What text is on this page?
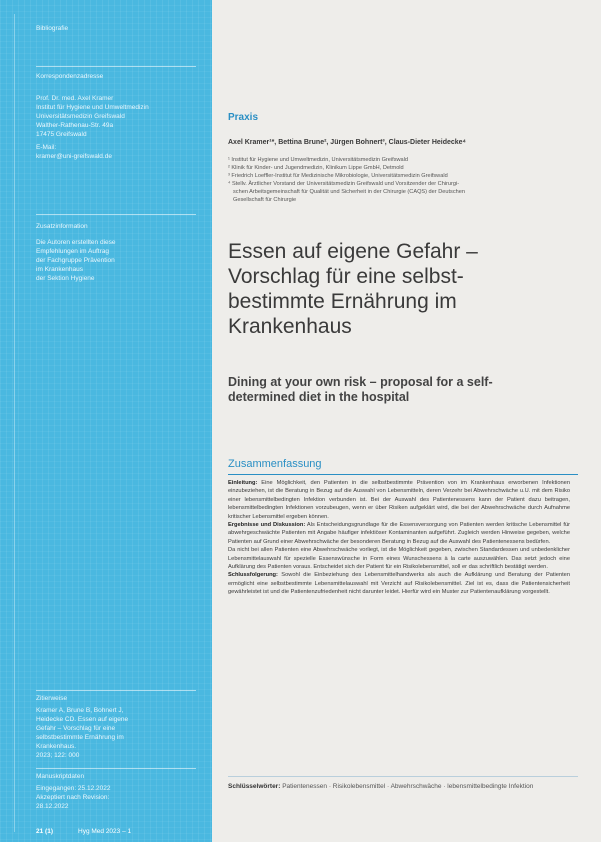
Bibliografie
Korrespondenzadresse
Prof. Dr. med. Axel Kramer
Institut für Hygiene und Umweltmedizin
Universitätsmedizin Greifswald
Walther-Rathenau-Str. 49a
17475 Greifswald
E-Mail:
kramer@uni-greifswald.de
Zusatzinformation
Die Autoren erstellten diese
Empfehlungen im Auftrag
der Fachgruppe Prävention
im Krankenhaus
der Sektion Hygiene
Zitierweise
Kramer A, Brune B, Bohnert J,
Heidecke CD. Essen auf eigene
Gefahr – Vorschlag für eine
selbstbestimmte Ernährung im
Krankenhaus.
2023; 122: 000
Manuskriptdaten
Eingegangen: 25.12.2022
Akzeptiert nach Revision:
28.12.2022
21 (1)	Hyg Med 2023 – 1
Praxis
Axel Kramer¹*, Bettina Brune², Jürgen Bohnert³, Claus-Dieter Heidecke⁴
¹ Institut für Hygiene und Umweltmedizin, Universitätsmedizin Greifswald
² Klinik für Kinder- und Jugendmedizin, Klinikum Lippe GmbH, Detmold
³ Friedrich Loeffler-Institut für Medizinische Mikrobiologie, Universitätsmedizin Greifswald
⁴ Stellv. Ärztlicher Vorstand der Universitätsmedizin Greifswald und Vorsitzender der Chirurgi-
schen Arbeitsgemeinschaft für Qualität und Sicherheit in der Chirurgie (CAQS) der Deutschen
Gesellschaft für Chirurgie
Essen auf eigene Gefahr –
Vorschlag für eine selbst-
bestimmte Ernährung im
Krankenhaus
Dining at your own risk – proposal for a self-
determined diet in the hospital
Zusammenfassung

Einleitung: Eine Möglichkeit, den Patienten in die selbstbestimmte Prävention von im Krankenhaus erworbenen Infektionen einzubeziehen, ist die Beratung in Bezug auf die Auswahl von Lebensmitteln, deren Verzehr bei Abwehrschwäche u.U. mit dem Risiko einer lebensmittelbedingten Infektion verbunden ist. Bei der Auswahl des Patientenessens kann der Patient dazu beitragen, lebensmittelbedingten Infektionen vorzubeugen, wenn er über Risiken aufgeklärt wird, die bei der Abwehrschwäche durch Aufnahme kritischer Lebensmittel ergeben können.

Ergebnisse und Diskussion: Als Entscheidungsgrundlage für die Essensversorgung von Patienten werden kritische Lebensmittel für abwehrgeschwächte Patienten mit Angabe häufiger infektiöser Kontaminanten aufgeführt. Zugleich werden Hinweise gegeben, welche Patienten auf Grund einer Abwehrschwäche der besonderen Beratung in Bezug auf die Auswahl des Patientenessens bedürfen.

Da nicht bei allen Patienten eine Abwehrschwäche vorliegt, ist die Möglichkeit gegeben, zwischen Standardessen und unbedenklicher Lebensmittelauswahl für spezielle Essenswünsche in Form eines Wunschessens à la carte auszuwählen. Das setzt jedoch eine Aufklärung des Patienten voraus. Entscheidet sich der Patient für ein Risikolebensmittel, soll er das schriftlich bestätigt werden.

Schlussfolgerung: Sowohl die Einbeziehung des Lebensmittelhandwerks als auch die Aufklärung und Beratung der Patienten ermöglicht eine selbstbestimmte Lebensmittelauswahl mit Verzicht auf Risikolebensmittel. Ziel ist es, dass die Patientensicherheit gewährleistet ist und die Patientenzufriedenheit nicht darunter leidet. Hierfür wird ein Muster zur Patientenaufklärung vorgestellt.

Schlüsselwörter: Patientenessen · Risikolebensmittel · Abwehrschwäche · lebensmittelbedingte Infektion
